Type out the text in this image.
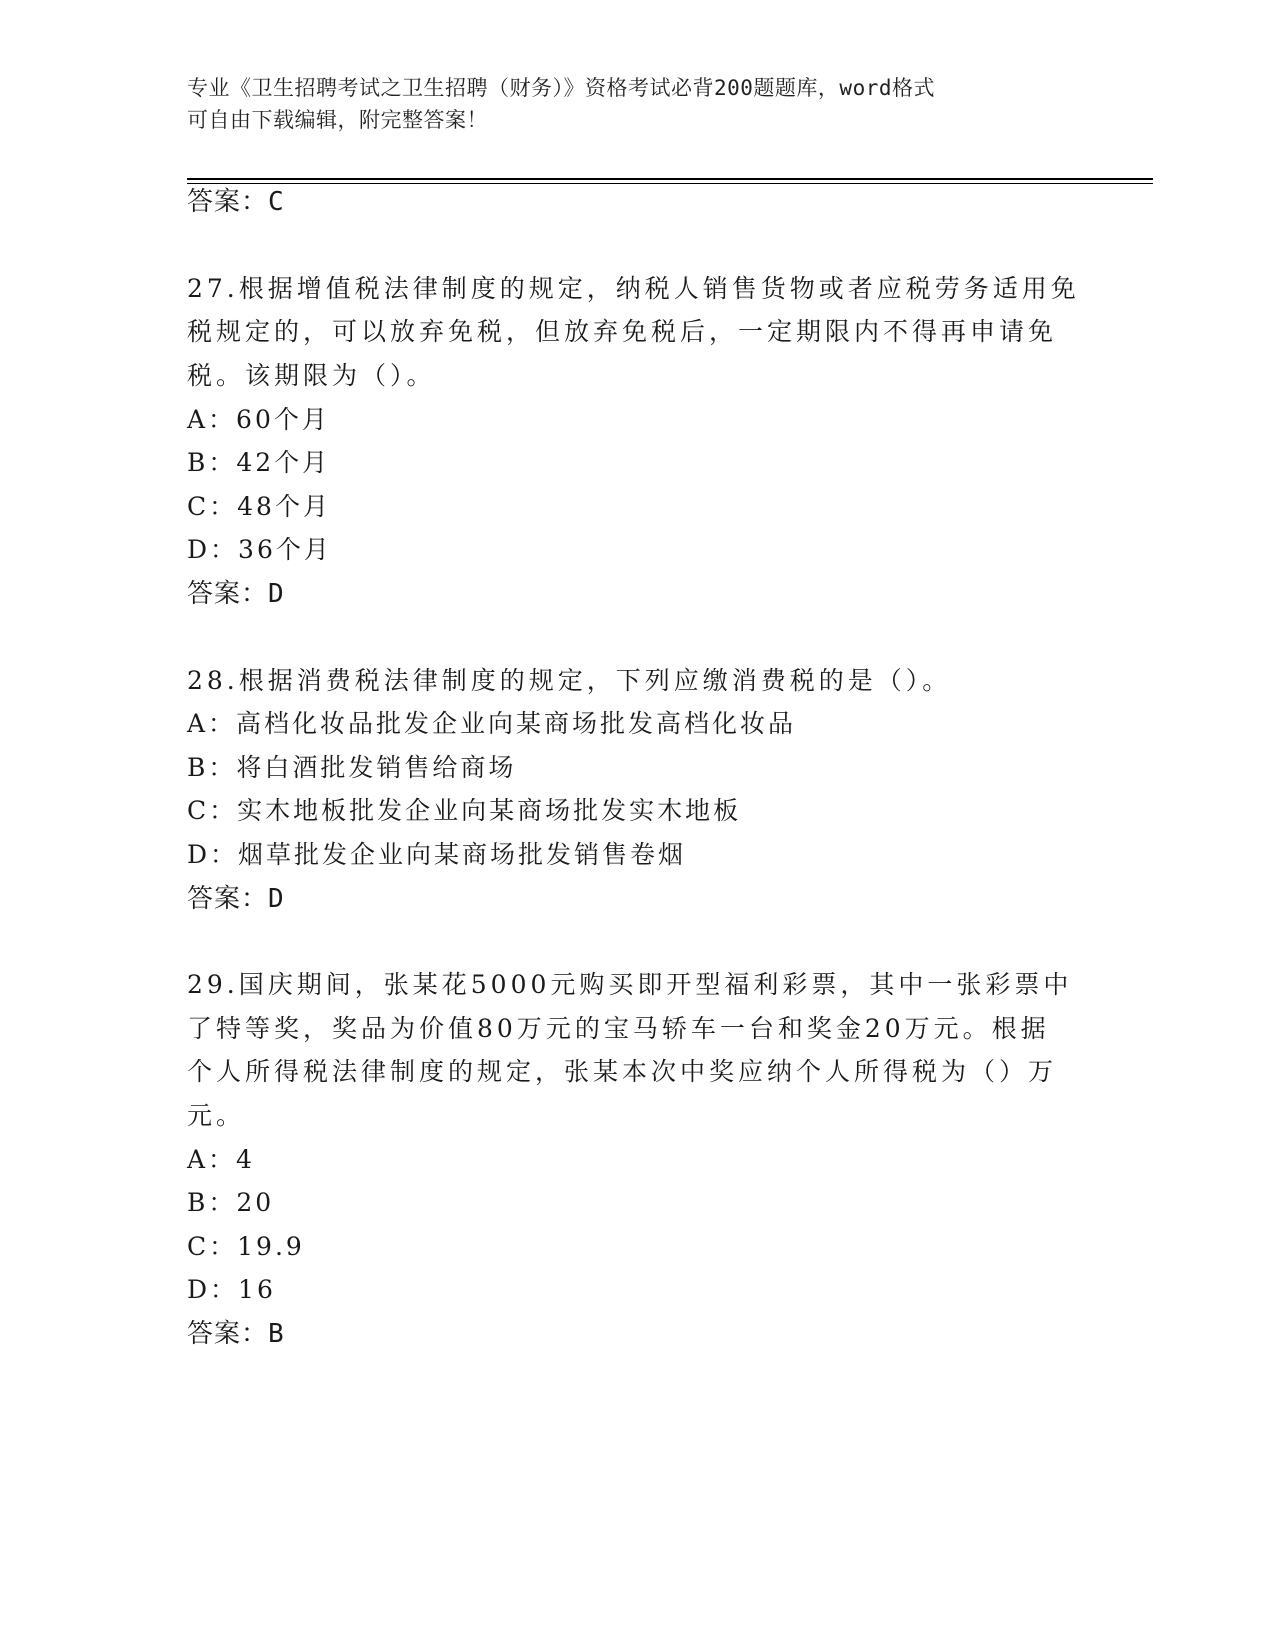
专业《卫生招聘考试之卫生招聘（财务）》资格考试必背200题题库，word格式
可自由下载编辑，附完整答案！
答案：C
27.根据增值税法律制度的规定，纳税人销售货物或者应税劳务适用免
税规定的，可以放弃免税，但放弃免税后，一定期限内不得再申请免
税。该期限为（）。
A：60个月
B：42个月
C：48个月
D：36个月
答案：D
28.根据消费税法律制度的规定，下列应缴消费税的是（）。
A：高档化妆品批发企业向某商场批发高档化妆品
B：将白酒批发销售给商场
C：实木地板批发企业向某商场批发实木地板
D：烟草批发企业向某商场批发销售卷烟
答案：D
29.国庆期间，张某花5000元购买即开型福利彩票，其中一张彩票中
了特等奖，奖品为价值80万元的宝马轿车一台和奖金20万元。根据
个人所得税法律制度的规定，张某本次中奖应纳个人所得税为（）万
元。
A：4
B：20
C：19.9
D：16
答案：B
